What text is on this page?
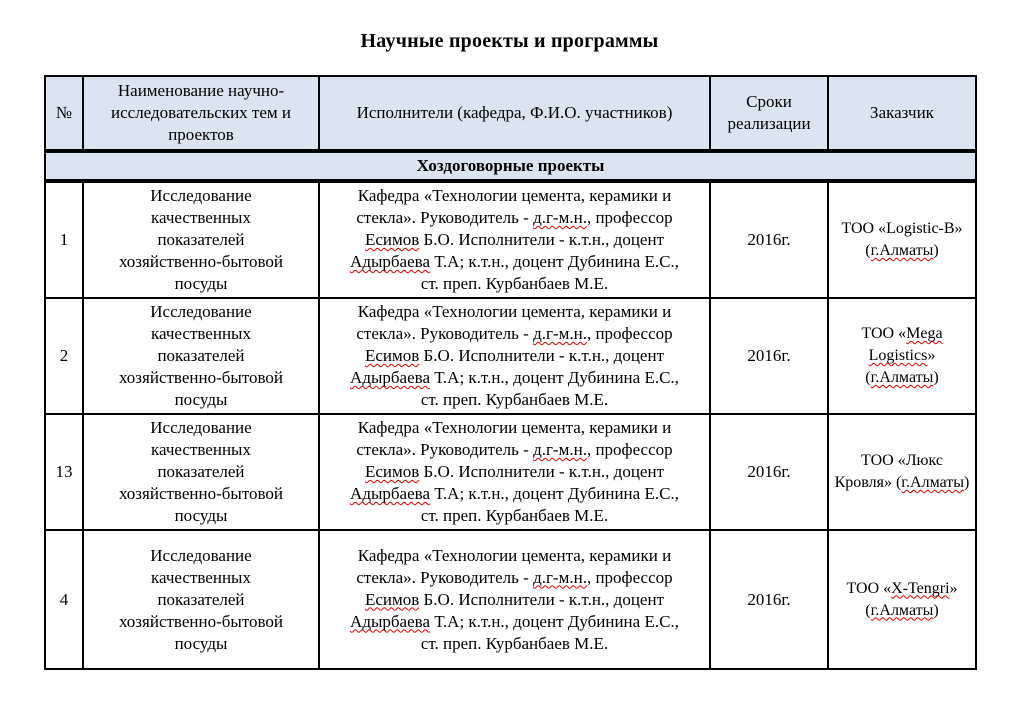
Научные проекты и программы
№	Наименование научно-исследовательских тем и проектов	Исполнители (кафедра, Ф.И.О. участников)	Сроки реализации	Заказчик
Хоздоговорные проекты				
1	Исследование качественных показателей хозяйственно-бытовой посуды	Кафедра «Технологии цемента, керамики и стекла». Руководитель - д.г-м.н., профессор Есимов Б.О. Исполнители - к.т.н., доцент Адырбаева Т.А; к.т.н., доцент Дубинина Е.С., ст. преп. Курбанбаев М.Е.	2016г.	ТОО «Logistic-B» (г.Алматы)

2	Исследование качественных показателей хозяйственно-бытовой посуды	Кафедра «Технологии цемента, керамики и стекла». Руководитель - д.г-м.н., профессор Есимов Б.О. Исполнители - к.т.н., доцент Адырбаева Т.А; к.т.н., доцент Дубинина Е.С., ст. преп. Курбанбаев М.Е.	2016г.	ТОО «Mega Logistics» (г.Алматы)

13	Исследование качественных показателей хозяйственно-бытовой посуды	Кафедра «Технологии цемента, керамики и стекла». Руководитель - д.г-м.н., профессор Есимов Б.О. Исполнители - к.т.н., доцент Адырбаева Т.А; к.т.н., доцент Дубинина Е.С., ст. преп. Курбанбаев М.Е.	2016г.	ТОО «Люкс Кровля» (г.Алматы)

4	Исследование качественных показателей хозяйственно-бытовой посуды	Кафедра «Технологии цемента, керамики и стекла». Руководитель - д.г-м.н., профессор Есимов Б.О. Исполнители - к.т.н., доцент Адырбаева Т.А; к.т.н., доцент Дубинина Е.С., ст. преп. Курбанбаев М.Е.	2016г.	ТОО «X-Tengri» (г.Алматы)
